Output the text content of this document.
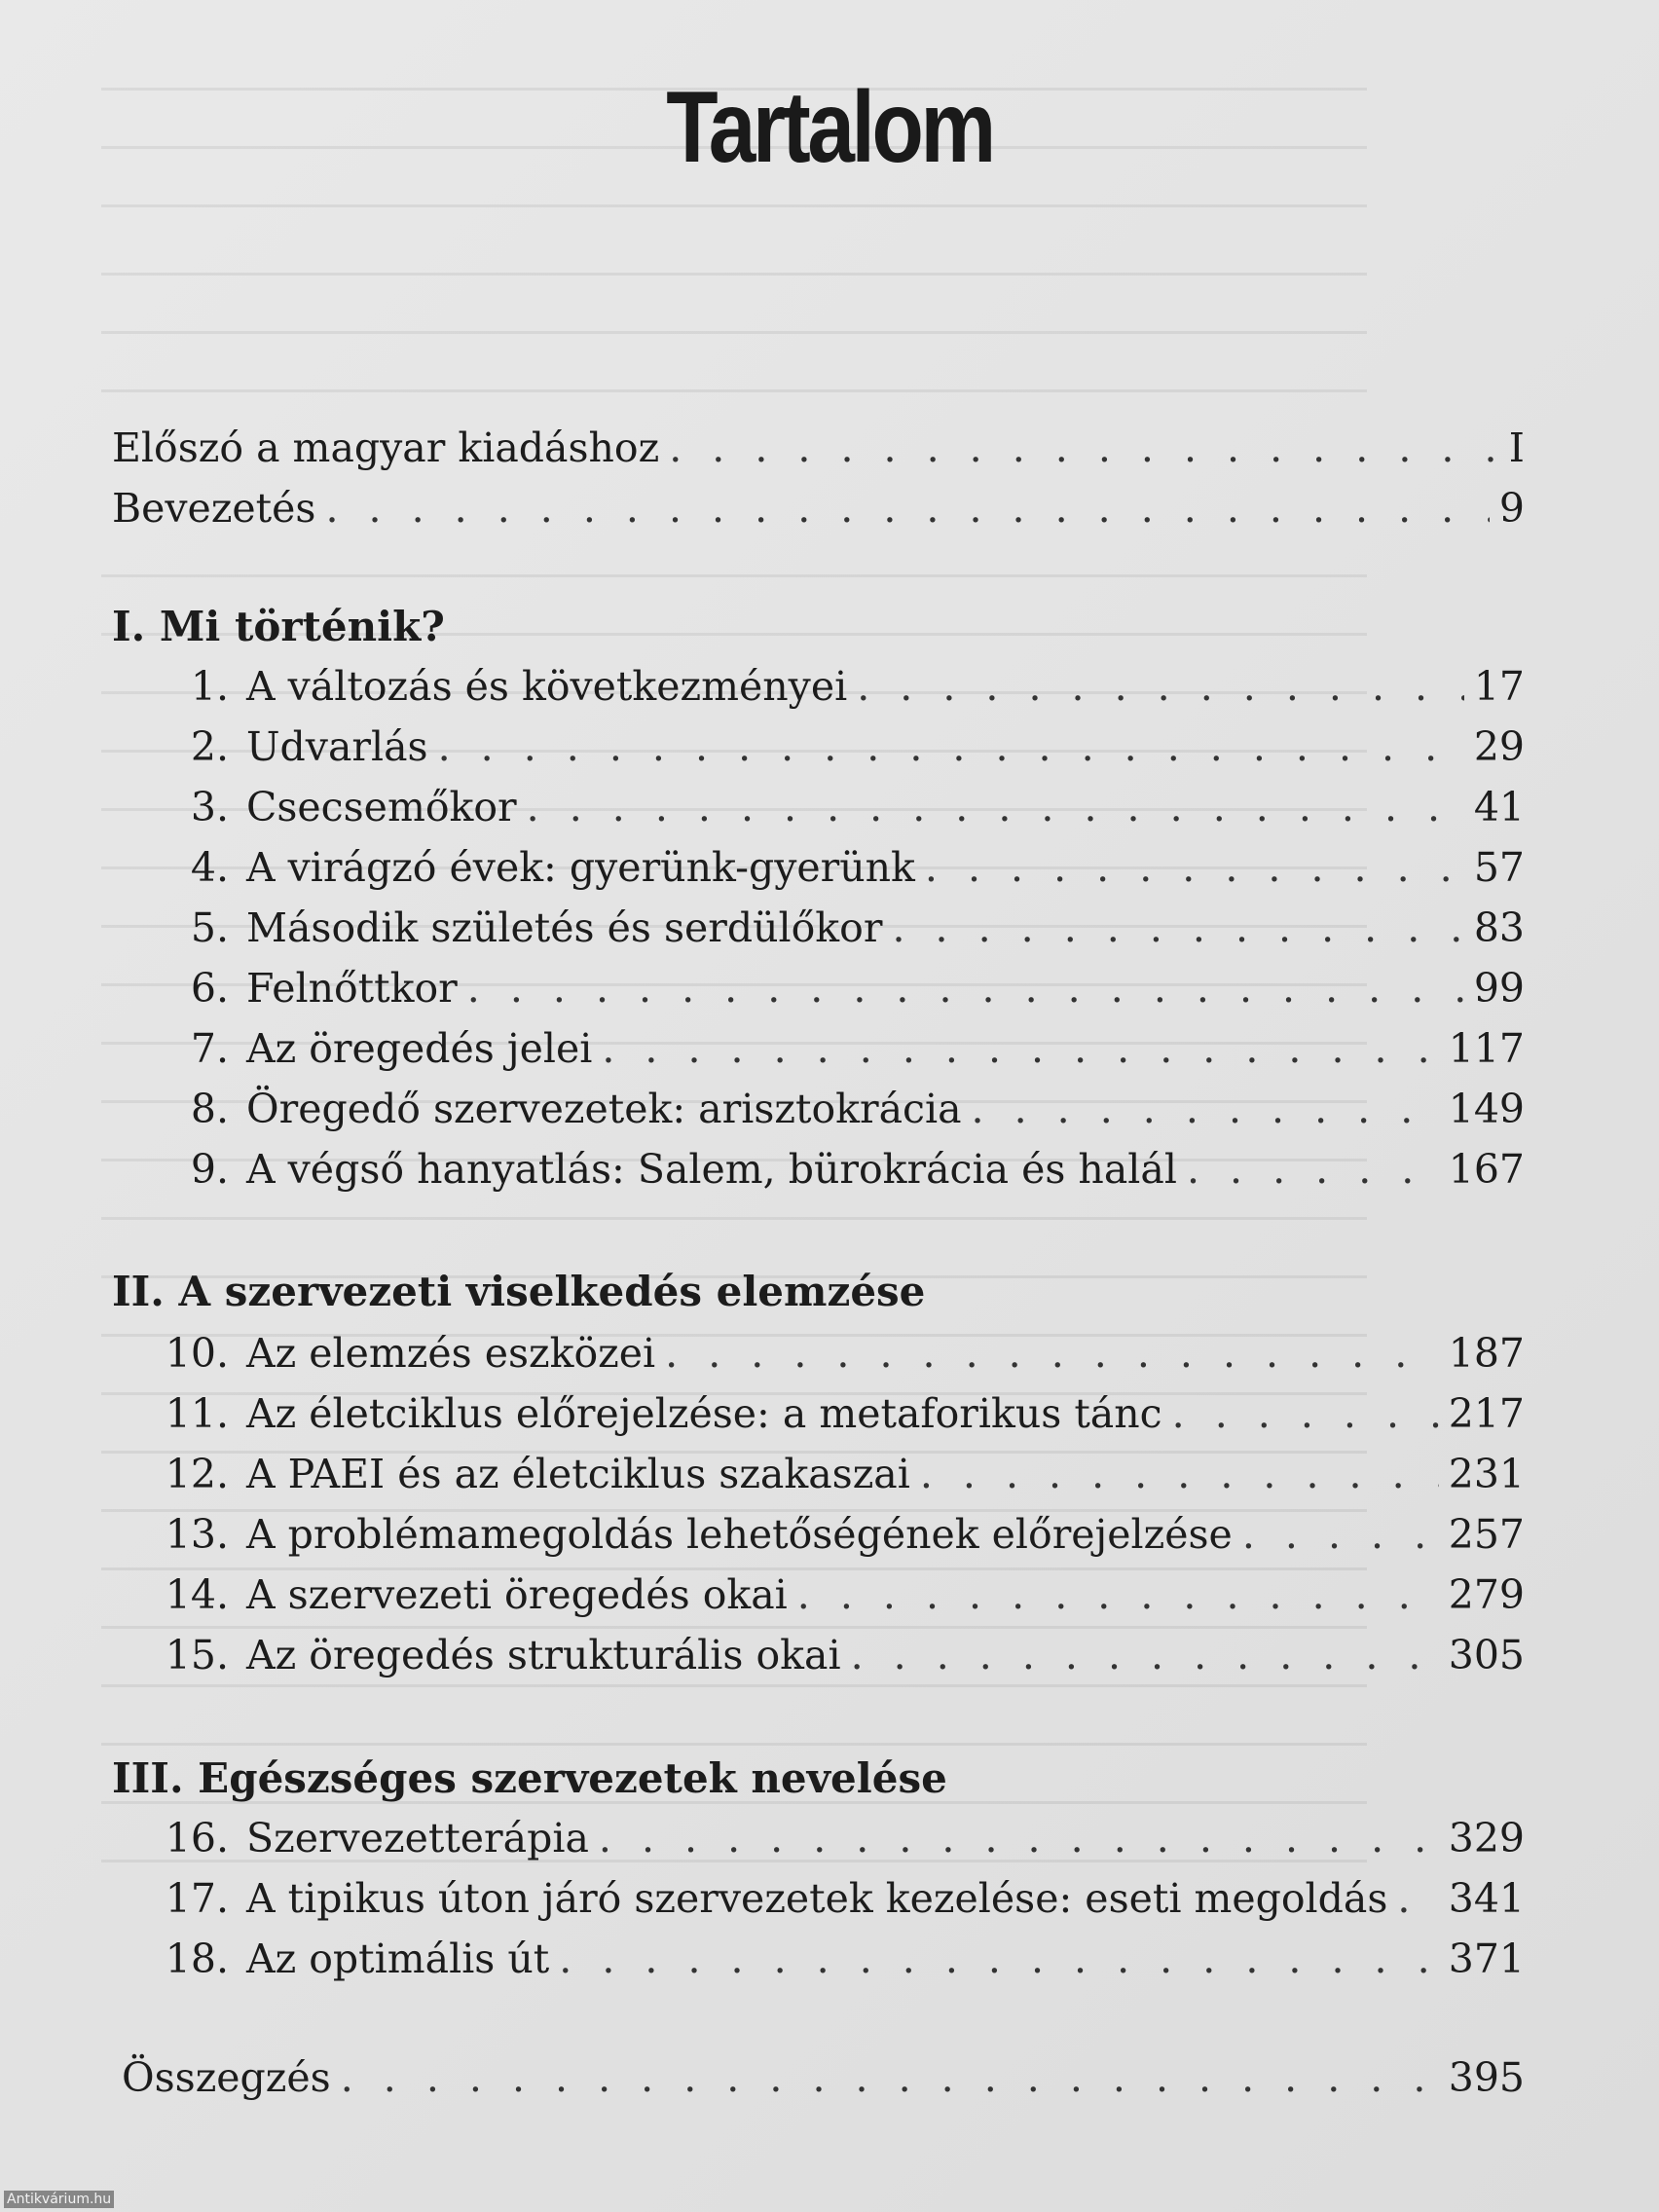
Tartalom
Előszó a magyar kiadáshoz . . .	I
Bevezetés . . .	9
I. Mi történik?
1. A változás és következményei . . .	17
2. Udvarlás . . .	29
3. Csecsemőkor . . .	41
4. A virágzó évek: gyerünk-gyerünk . . .	57
5. Második születés és serdülőkor . . .	83
6. Felnőttkor . . .	99
7. Az öregedés jelei . . .	117
8. Öregedő szervezetek: arisztokrácia . . .	149
9. A végső hanyatlás: Salem, bürokrácia és halál . . .	167
II. A szervezeti viselkedés elemzése
10. Az elemzés eszközei . . .	187
11. Az életciklus előrejelzése: a metaforikus tánc . . .	217
12. A PAEI és az életciklus szakaszai . . .	231
13. A problémamegoldás lehetőségének előrejelzése . . .	257
14. A szervezeti öregedés okai . . .	279
15. Az öregedés strukturális okai . . .	305
III. Egészséges szervezetek nevelése
16. Szervezetterápia . . .	329
17. A tipikus úton járó szervezetek kezelése: eseti megoldás . . . 341
18. Az optimális út . . .	371
Összegzés . . .	395
Antikvárium.hu
